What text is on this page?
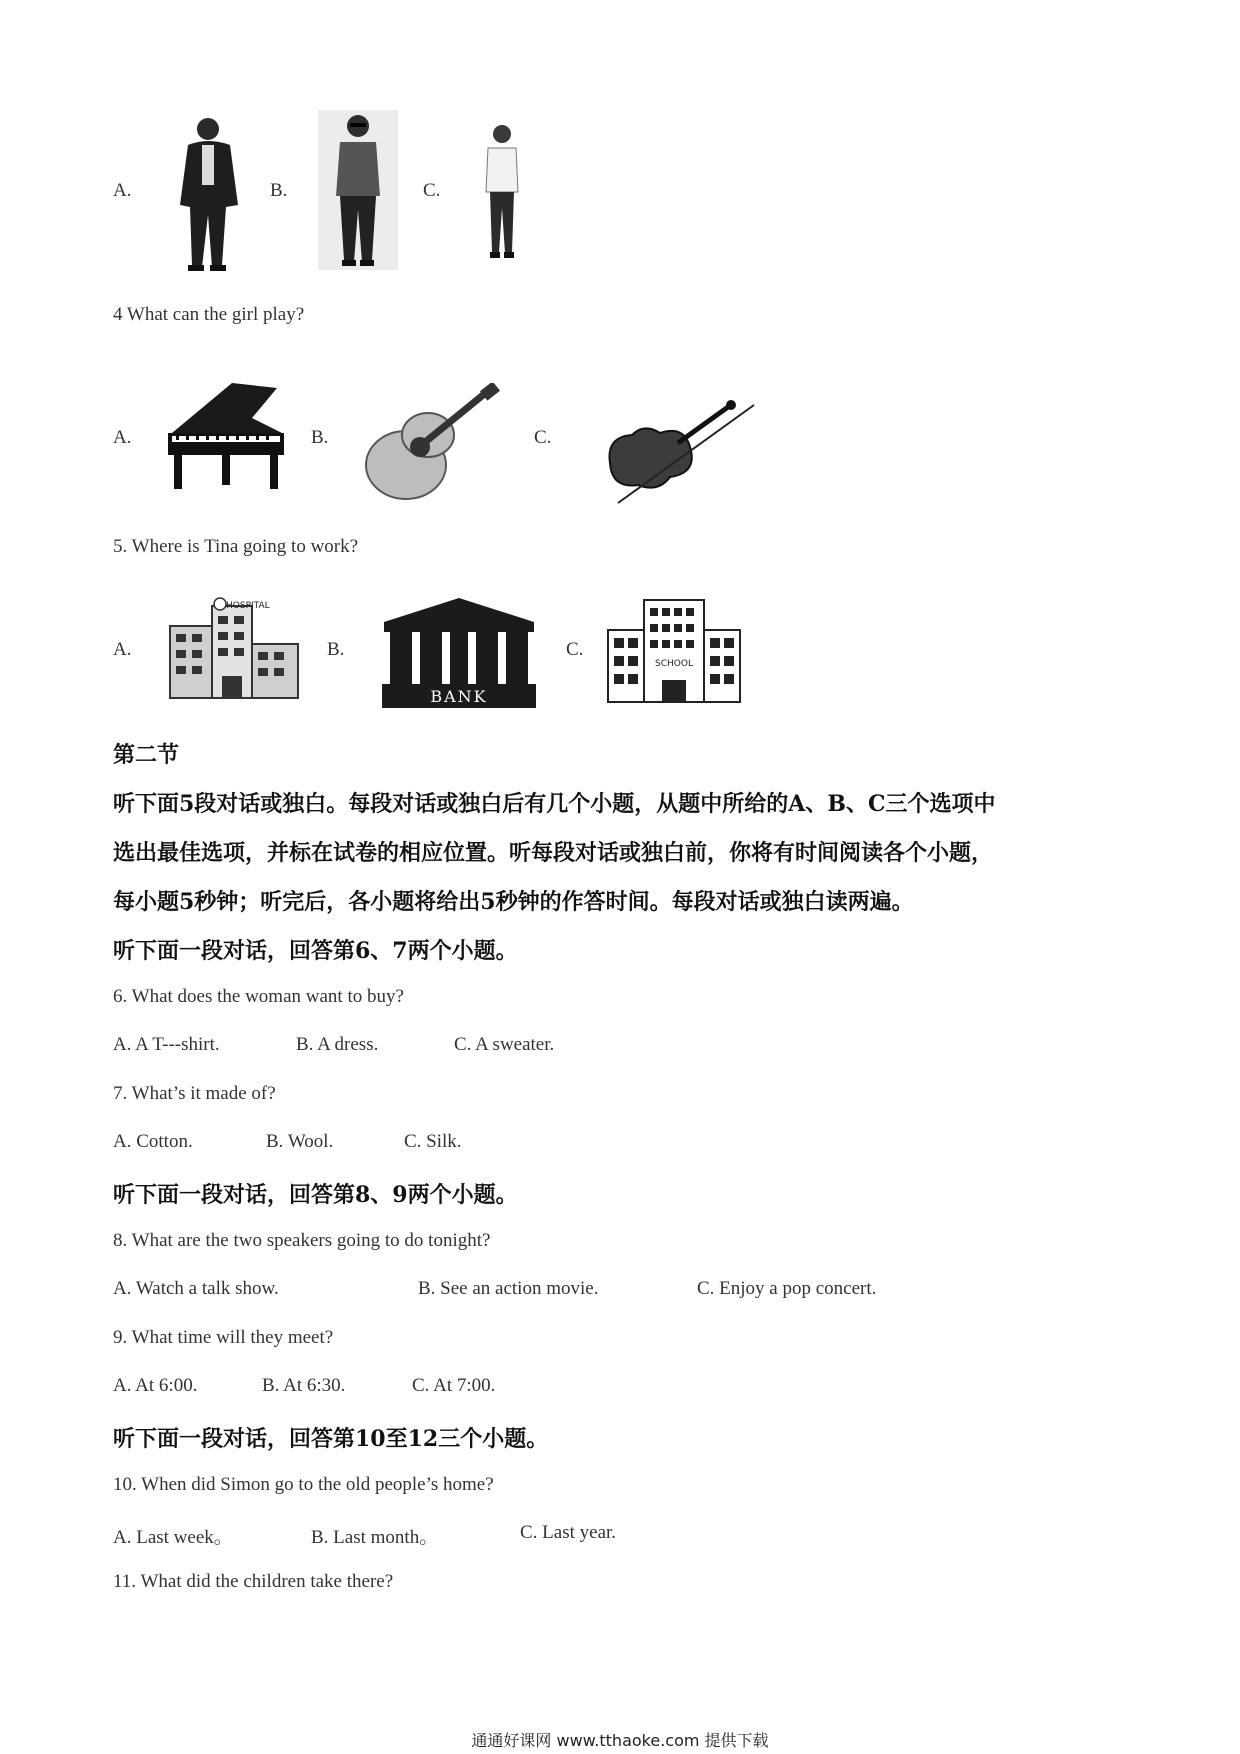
A.	B.	C.
4 What can the girl play?
A.	B.	C.
5. Where is Tina going to work?
A.
HOSPITAL
B.
BANK
C.
SCHOOL
第二节
听下面5段对话或独白。每段对话或独白后有几个小题，从题中所给的A、B、C三个选项中
选出最佳选项，并标在试卷的相应位置。听每段对话或独白前，你将有时间阅读各个小题，
每小题5秒钟；听完后，各小题将给出5秒钟的作答时间。每段对话或独白读两遍。
听下面一段对话，回答第6、7两个小题。
6. What does the woman want to buy?
A. A T---shirt.	B. A dress.	C. A sweater.
7. What’s it made of?
A. Cotton.	B. Wool.	C. Silk.
听下面一段对话，回答第8、9两个小题。
8. What are the two speakers going to do tonight?
A. Watch a talk show.	B. See an action movie.	C. Enjoy a pop concert.
9. What time will they meet?
A. At 6:00.	B. At 6:30.	C. At 7:00.
听下面一段对话，回答第10至12三个小题。
10. When did Simon go to the old people’s home?
A. Last week。	B. Last month。	C. Last year.
11. What did the children take there?
通通好课网 www.tthaoke.com 提供下载
